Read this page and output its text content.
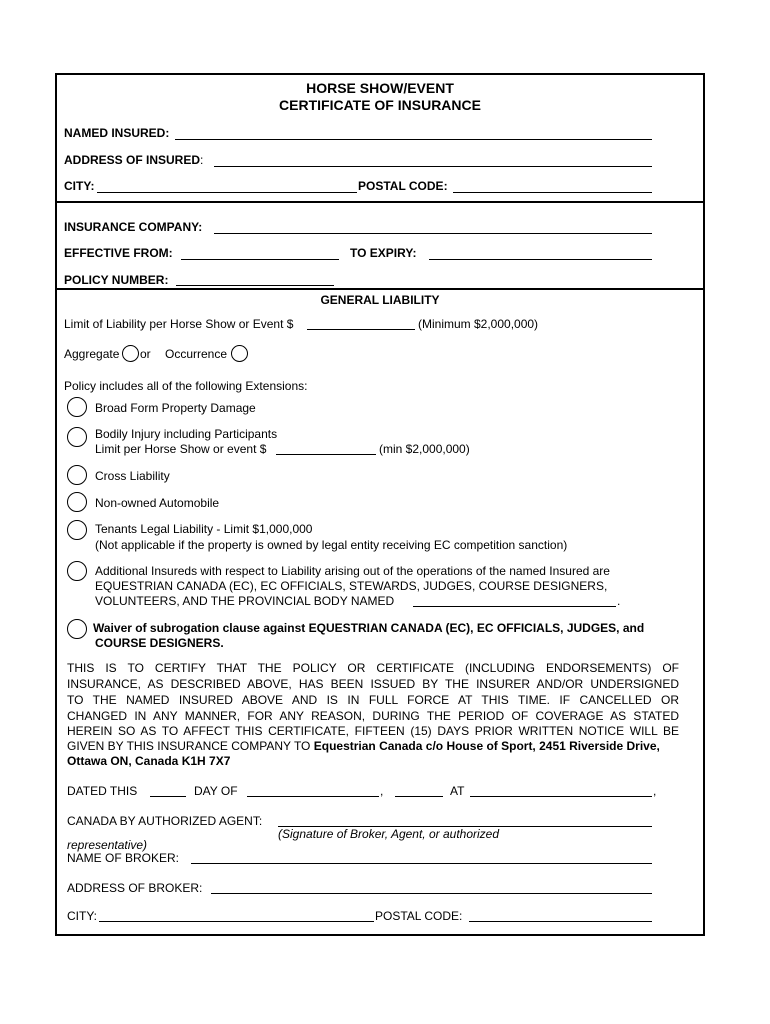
HORSE SHOW/EVENT
CERTIFICATE OF INSURANCE
NAMED INSURED:
ADDRESS OF INSURED:
CITY:	POSTAL CODE:
INSURANCE COMPANY:
EFFECTIVE FROM:	TO EXPIRY:
POLICY NUMBER:
GENERAL LIABILITY
Limit of Liability per Horse Show or Event $	(Minimum $2,000,000)
Aggregate or Occurrence
Policy includes all of the following Extensions:
Broad Form Property Damage
Bodily Injury including Participants
Limit per Horse Show or event $	(min $2,000,000)
Cross Liability
Non-owned Automobile
Tenants Legal Liability - Limit $1,000,000
(Not applicable if the property is owned by legal entity receiving EC competition sanction)
Additional Insureds with respect to Liability arising out of the operations of the named Insured are
EQUESTRIAN CANADA (EC), EC OFFICIALS, STEWARDS, JUDGES, COURSE DESIGNERS,
VOLUNTEERS, AND THE PROVINCIAL BODY NAMED	.
Waiver of subrogation clause against EQUESTRIAN CANADA (EC), EC OFFICIALS, JUDGES, and
COURSE DESIGNERS.
THIS IS TO CERTIFY THAT THE POLICY OR CERTIFICATE (INCLUDING ENDORSEMENTS) OF
INSURANCE, AS DESCRIBED ABOVE, HAS BEEN ISSUED BY THE INSURER AND/OR UNDERSIGNED
TO THE NAMED INSURED ABOVE AND IS IN FULL FORCE AT THIS TIME. IF CANCELLED OR
CHANGED IN ANY MANNER, FOR ANY REASON, DURING THE PERIOD OF COVERAGE AS STATED
HEREIN SO AS TO AFFECT THIS CERTIFICATE, FIFTEEN (15) DAYS PRIOR WRITTEN NOTICE WILL BE
GIVEN BY THIS INSURANCE COMPANY TO Equestrian Canada c/o House of Sport, 2451 Riverside Drive,
Ottawa ON, Canada K1H 7X7
DATED THIS	DAY OF	,	AT	,
CANADA BY AUTHORIZED AGENT:
(Signature of Broker, Agent, or authorized
representative)
NAME OF BROKER:
ADDRESS OF BROKER:
CITY:	POSTAL CODE:
